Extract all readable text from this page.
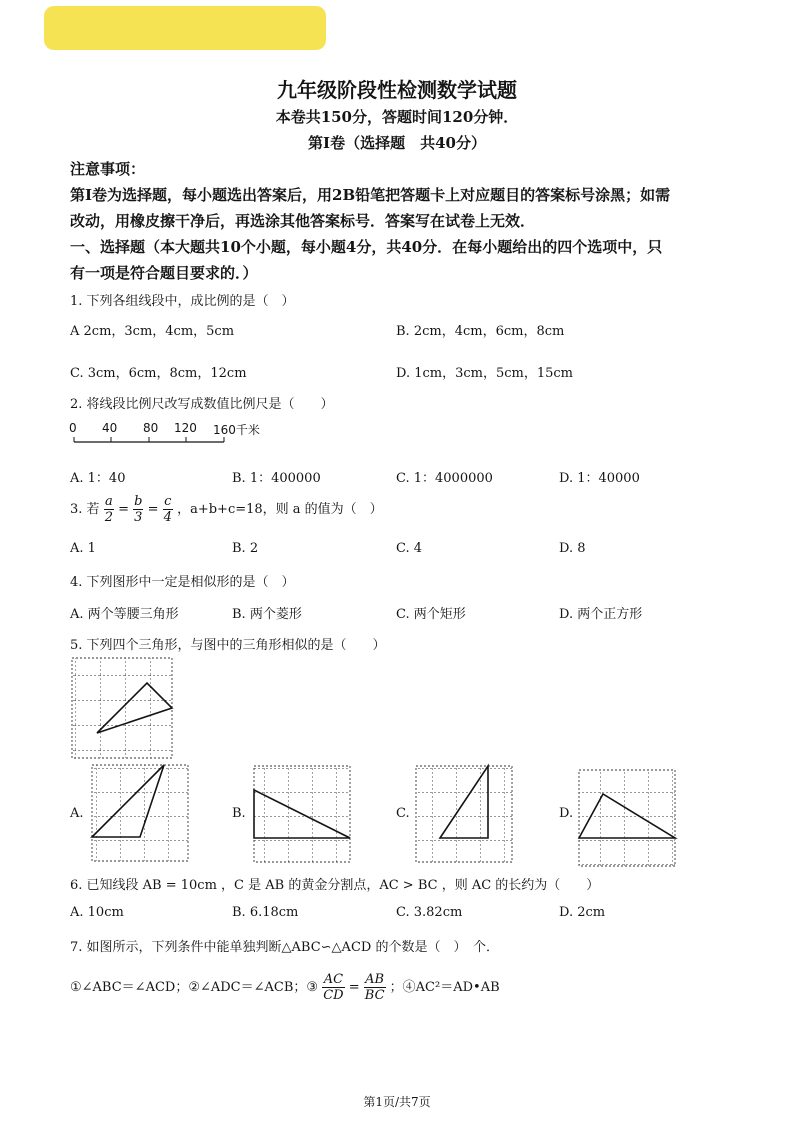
九年级阶段性检测数学试题
本卷共150分，答题时间120分钟．
第Ⅰ卷（选择题　共40分）
注意事项：
第Ⅰ卷为选择题，每小题选出答案后，用2B铅笔把答题卡上对应题目的答案标号涂黑；如需
改动，用橡皮擦干净后，再选涂其他答案标号．答案写在试卷上无效．
一、选择题（本大题共10个小题，每小题4分，共40分．在每小题给出的四个选项中，只
有一项是符合题目要求的．）
1. 下列各组线段中，成比例的是（　）
A 2cm，3cm，4cm，5cm	B. 2cm，4cm，6cm，8cm
C. 3cm，6cm，8cm，12cm	D. 1cm，3cm，5cm，15cm
2. 将线段比例尺改写成数值比例尺是（　　）
0 40 80 120 160千米
A. 1：40	B. 1：400000	C. 1：4000000	D. 1：40000
3. 若 $\frac{a}{2} = \frac{b}{3} = \frac{c}{4}$ ，a+b+c=18，则 a 的值为（　）
A. 1	B. 2	C. 4	D. 8
4. 下列图形中一定是相似形的是（　）
A. 两个等腰三角形	B. 两个菱形	C. 两个矩形	D. 两个正方形
5. 下列四个三角形，与图中的三角形相似的是（　　）
A.	B.	C.	D.
6. 已知线段 AB = 10cm ，C 是 AB 的黄金分割点，AC > BC ，则 AC 的长约为（　　）
A. 10cm	B. 6.18cm	C. 3.82cm	D. 2cm
7. 如图所示，下列条件中能单独判断△ABC∽△ACD 的个数是（　）　个．
①∠ABC＝∠ACD；②∠ADC＝∠ACB；③ $\frac{AC}{CD} = \frac{AB}{BC}$ ；④AC²＝AD•AB
第1页/共7页
